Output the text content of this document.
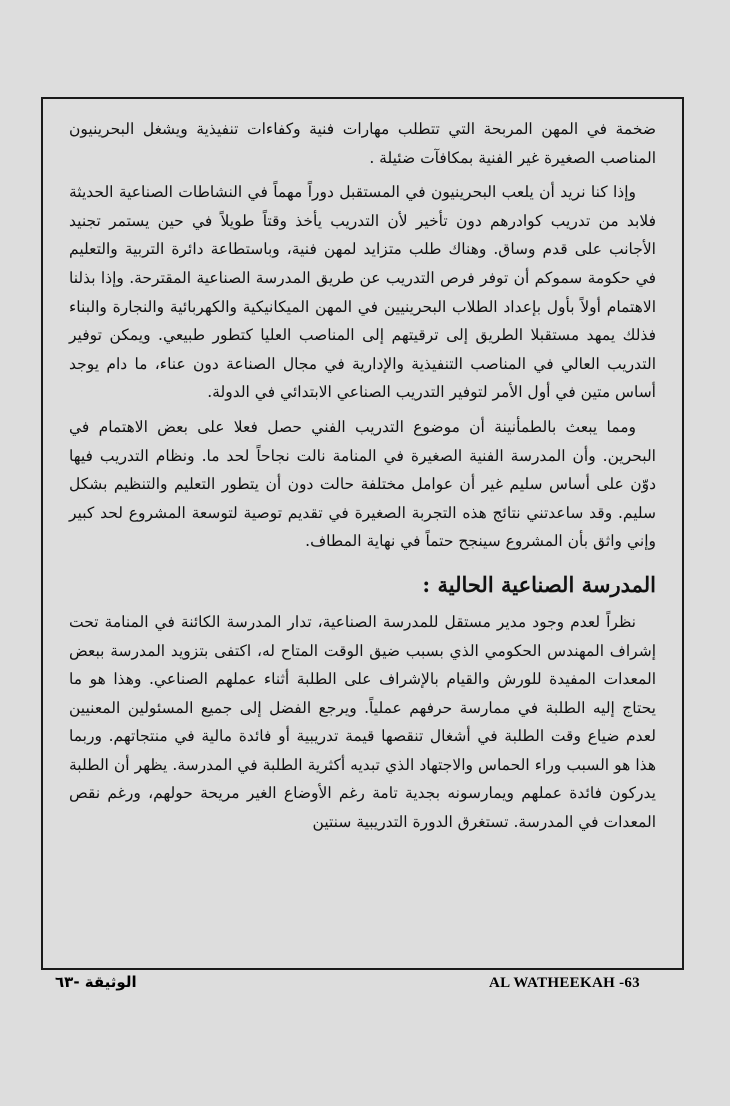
ضخمة في المهن المربحة التي تتطلب مهارات فنية وكفاءات تنفيذية ويشغل البحرينيون المناصب الصغيرة غير الفنية بمكافآت ضئيلة .

وإذا كنا نريد أن يلعب البحرينيون في المستقبل دوراً مهماً في النشاطات الصناعية الحديثة فلابد من تدريب كوادرهم دون تأخير لأن التدريب يأخذ وقتاً طويلاً في حين يستمر تجنيد الأجانب على قدم وساق. وهناك طلب متزايد لمهن فنية، وباستطاعة دائرة التربية والتعليم في حكومة سموكم أن توفر فرص التدريب عن طريق المدرسة الصناعية المقترحة. وإذا بذلنا الاهتمام أولاً بأول بإعداد الطلاب البحرينيين في المهن الميكانيكية والكهربائية والنجارة والبناء فذلك يمهد مستقبلا الطريق إلى ترقيتهم إلى المناصب العليا كتطور طبيعي. ويمكن توفير التدريب العالي في المناصب التنفيذية والإدارية في مجال الصناعة دون عناء، ما دام يوجد أساس متين في أول الأمر لتوفير التدريب الصناعي الابتدائي في الدولة.

ومما يبعث بالطمأنينة أن موضوع التدريب الفني حصل فعلا على بعض الاهتمام في البحرين. وأن المدرسة الفنية الصغيرة في المنامة نالت نجاحاً لحد ما. ونظام التدريب فيها دوّن على أساس سليم غير أن عوامل مختلفة حالت دون أن يتطور التعليم والتنظيم بشكل سليم. وقد ساعدتني نتائج هذه التجربة الصغيرة في تقديم توصية لتوسعة المشروع لحد كبير وإني واثق بأن المشروع سينجح حتماً في نهاية المطاف.

المدرسة الصناعية الحالية :

نظراً لعدم وجود مدير مستقل للمدرسة الصناعية، تدار المدرسة الكائنة في المنامة تحت إشراف المهندس الحكومي الذي بسبب ضيق الوقت المتاح له، اكتفى بتزويد المدرسة ببعض المعدات المفيدة للورش والقيام بالإشراف على الطلبة أثناء عملهم الصناعي. وهذا هو ما يحتاج إليه الطلبة في ممارسة حرفهم عملياً. ويرجع الفضل إلى جميع المسئولين المعنيين لعدم ضياع وقت الطلبة في أشغال تنقصها قيمة تدريبية أو فائدة مالية في منتجاتهم. وربما هذا هو السبب وراء الحماس والاجتهاد الذي تبديه أكثرية الطلبة في المدرسة. يظهر أن الطلبة يدركون فائدة عملهم ويمارسونه بجدية تامة رغم الأوضاع الغير مريحة حولهم، ورغم نقص المعدات في المدرسة. تستغرق الدورة التدريبية سنتين

الوثيقة -٦٣	AL WATHEEKAH -63
